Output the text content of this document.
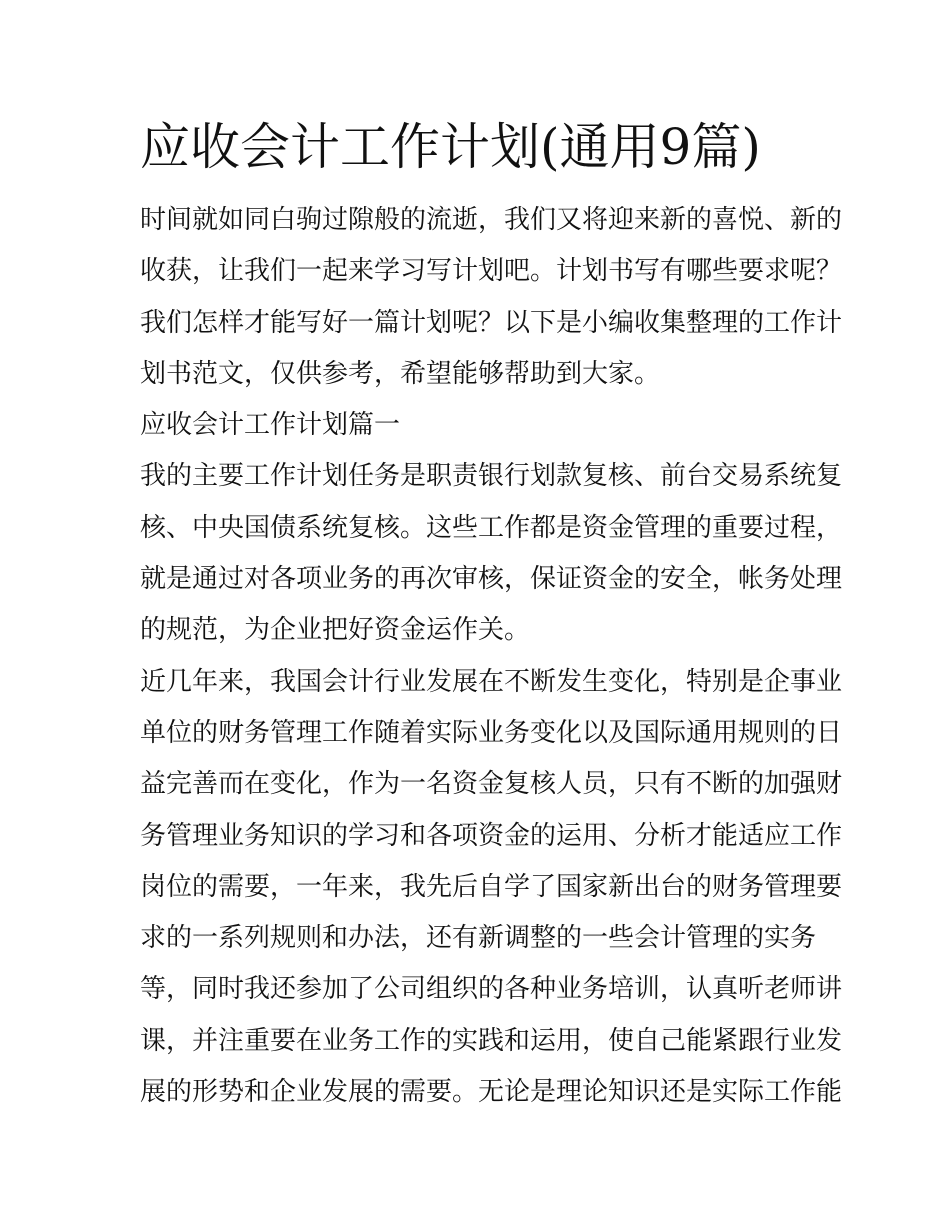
应收会计工作计划(通用9篇)

时间就如同白驹过隙般的流逝，我们又将迎来新的喜悦、新的

收获，让我们一起来学习写计划吧。计划书写有哪些要求呢？

我们怎样才能写好一篇计划呢？以下是小编收集整理的工作计

划书范文，仅供参考，希望能够帮助到大家。

应收会计工作计划篇一

我的主要工作计划任务是职责银行划款复核、前台交易系统复

核、中央国债系统复核。这些工作都是资金管理的重要过程，

就是通过对各项业务的再次审核，保证资金的安全，帐务处理

的规范，为企业把好资金运作关。

近几年来，我国会计行业发展在不断发生变化，特别是企事业

单位的财务管理工作随着实际业务变化以及国际通用规则的日

益完善而在变化，作为一名资金复核人员，只有不断的加强财

务管理业务知识的学习和各项资金的运用、分析才能适应工作

岗位的需要，一年来，我先后自学了国家新出台的财务管理要

求的一系列规则和办法，还有新调整的一些会计管理的实务

等，同时我还参加了公司组织的各种业务培训，认真听老师讲

课，并注重要在业务工作的实践和运用，使自己能紧跟行业发

展的形势和企业发展的需要。无论是理论知识还是实际工作能
